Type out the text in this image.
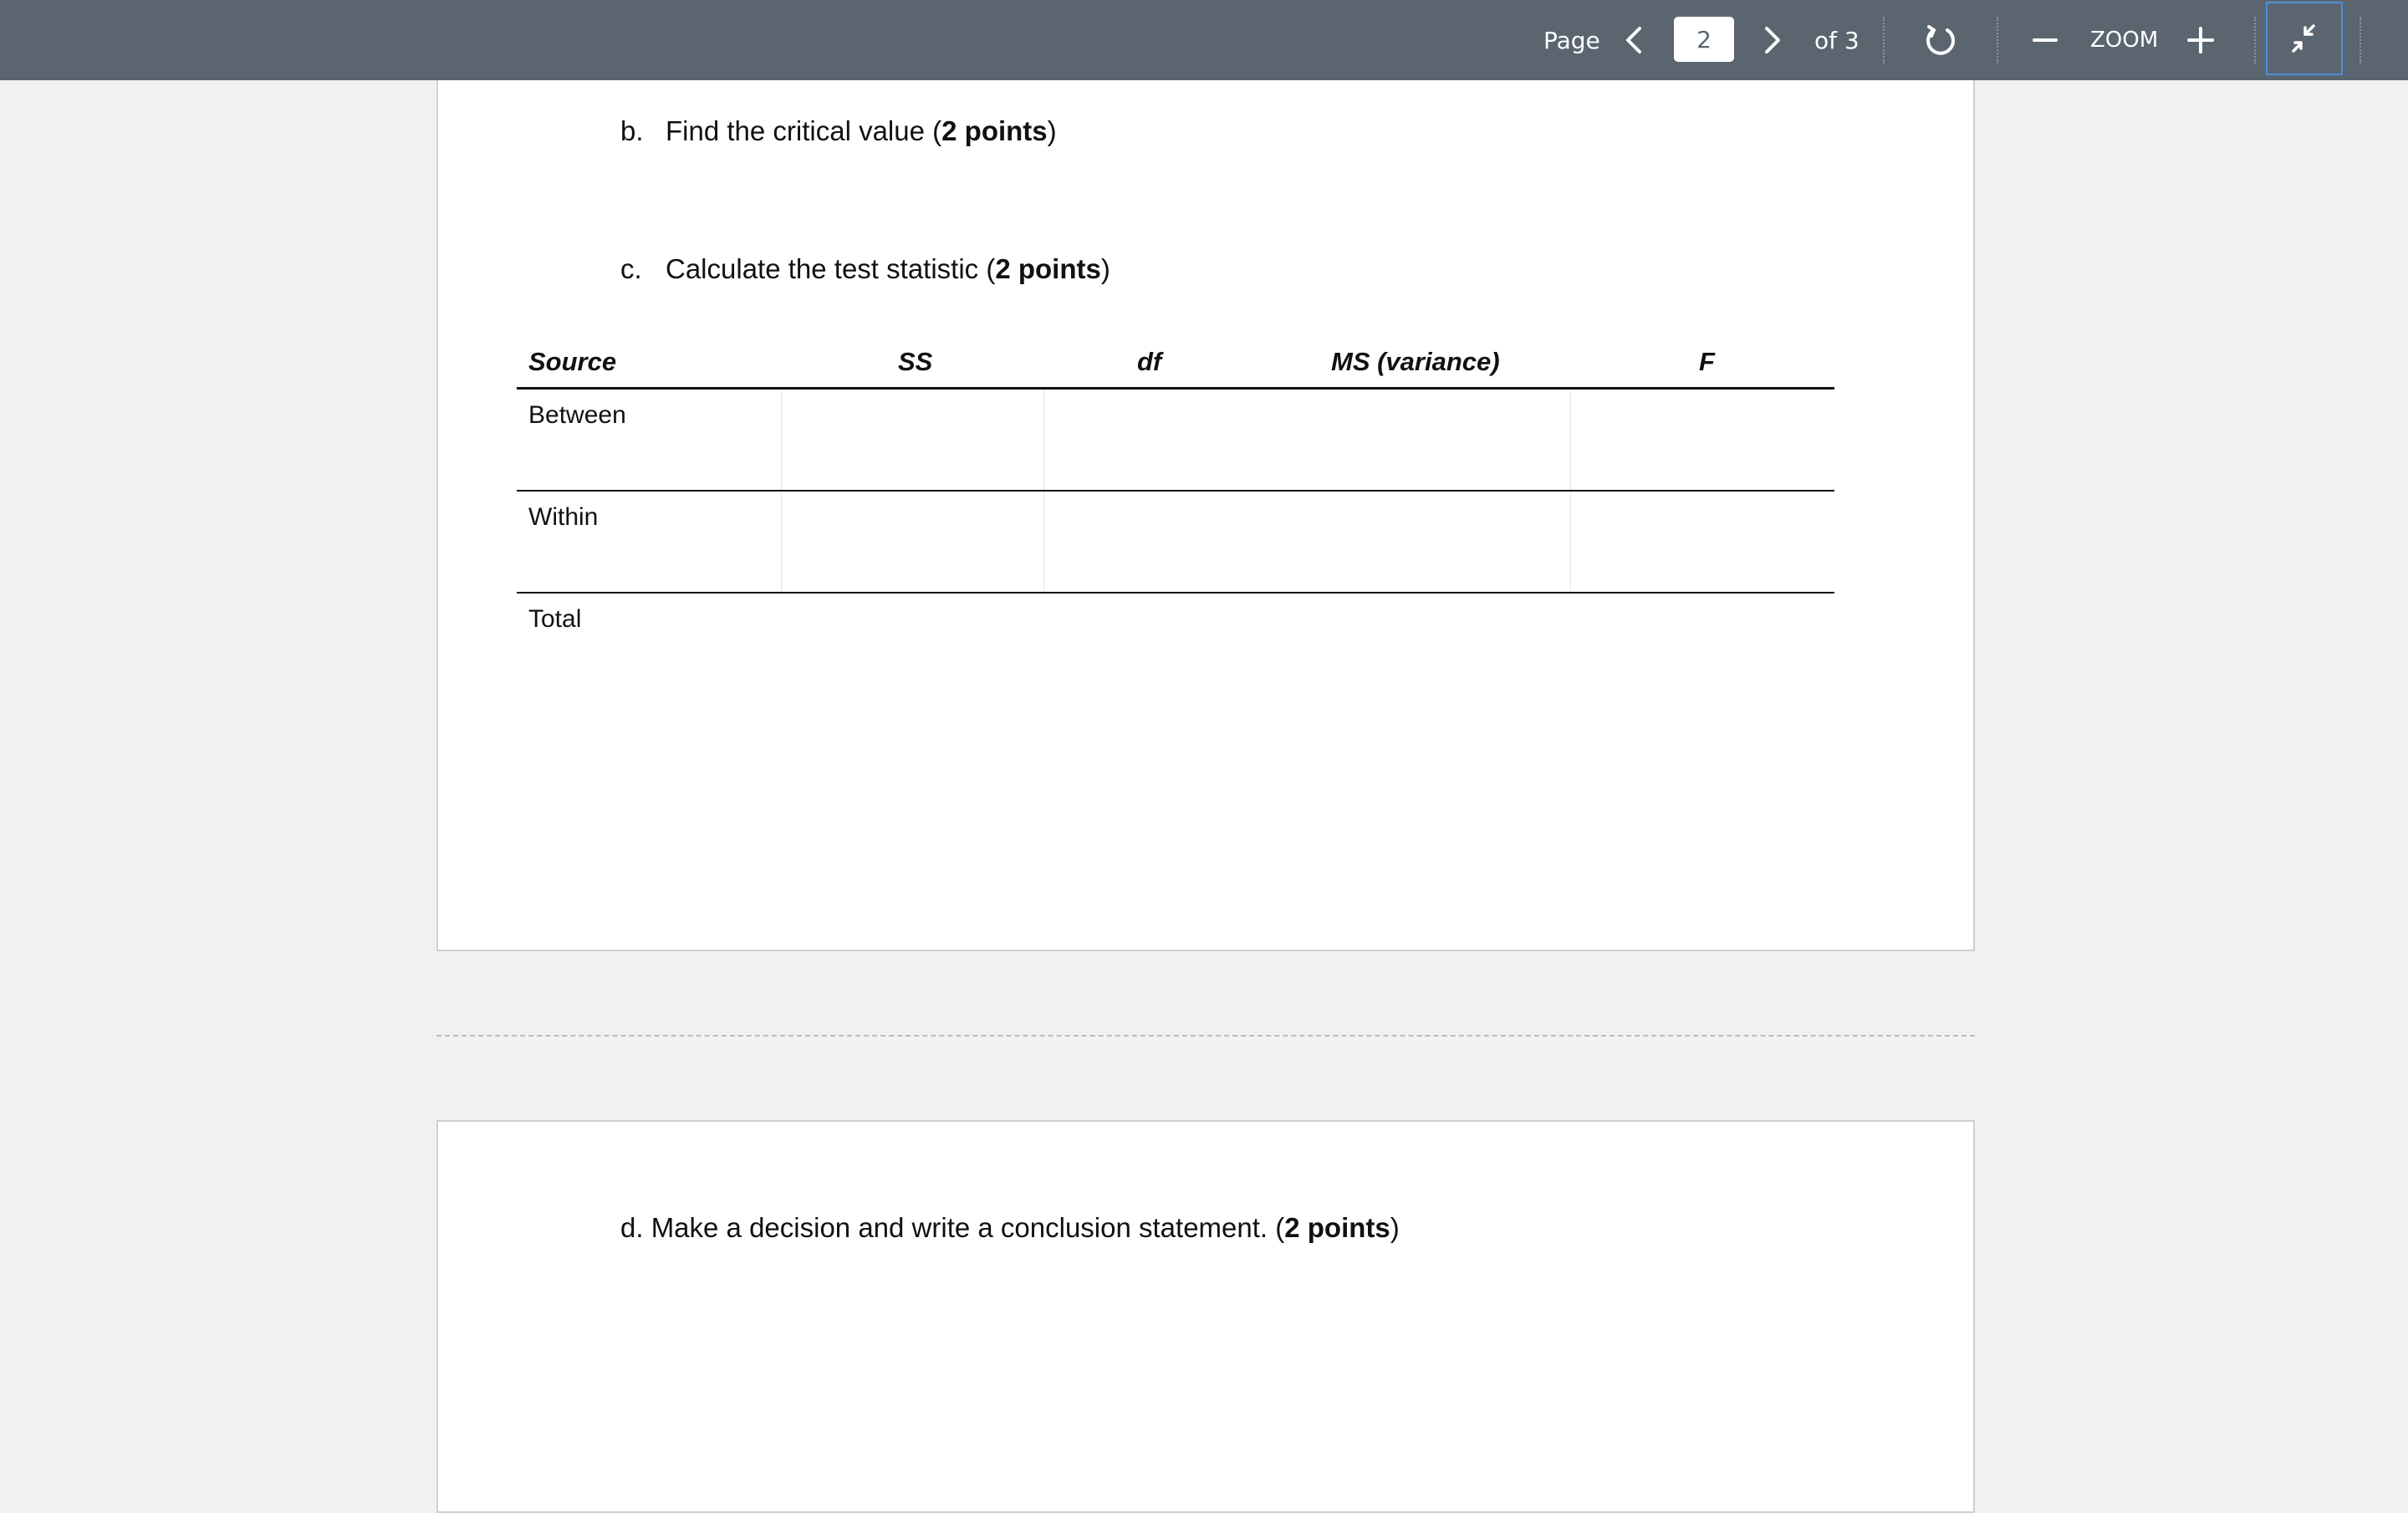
Page	2	of 3	ZOOM
b. Find the critical value (2 points)
c. Calculate the test statistic (2 points)
Source	SS	df	MS (variance)	F
Between
Within
Total
d. Make a decision and write a conclusion statement. (2 points)
